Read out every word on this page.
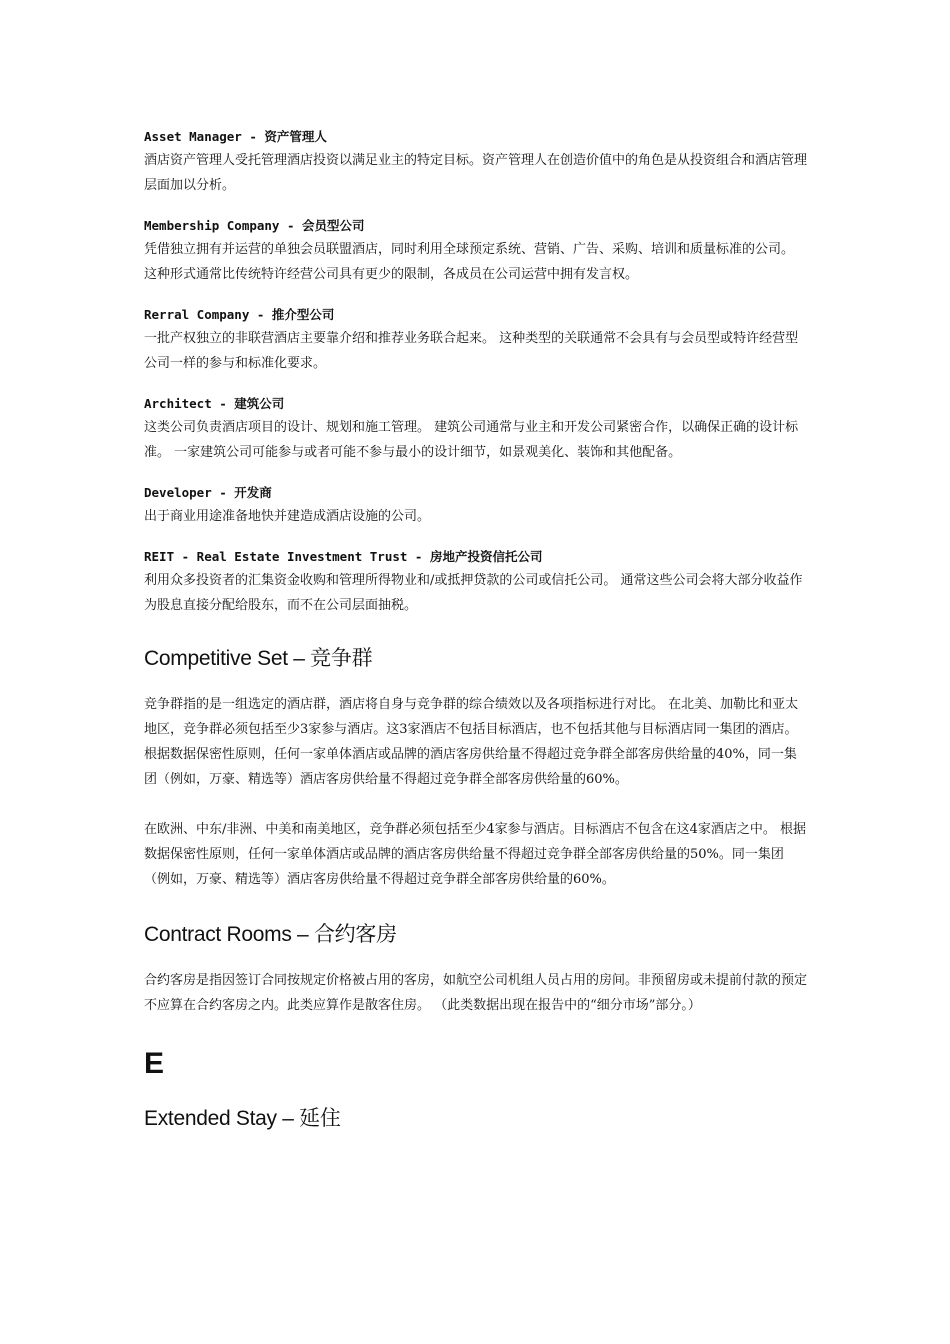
Asset Manager - 资产管理人

酒店资产管理人受托管理酒店投资以满足业主的特定目标。资产管理人在创造价值中的角色是从投资组合和酒店管理层面加以分析。

Membership Company - 会员型公司

凭借独立拥有并运营的单独会员联盟酒店，同时利用全球预定系统、营销、广告、采购、培训和质量标准的公司。 这种形式通常比传统特许经营公司具有更少的限制，各成员在公司运营中拥有发言权。

Rerral Company - 推介型公司

一批产权独立的非联营酒店主要靠介绍和推荐业务联合起来。 这种类型的关联通常不会具有与会员型或特许经营型公司一样的参与和标准化要求。

Architect - 建筑公司

这类公司负责酒店项目的设计、规划和施工管理。 建筑公司通常与业主和开发公司紧密合作，以确保正确的设计标准。 一家建筑公司可能参与或者可能不参与最小的设计细节，如景观美化、装饰和其他配备。

Developer - 开发商

出于商业用途准备地快并建造成酒店设施的公司。

REIT - Real Estate Investment Trust - 房地产投资信托公司

利用众多投资者的汇集资金收购和管理所得物业和/或抵押贷款的公司或信托公司。 通常这些公司会将大部分收益作为股息直接分配给股东，而不在公司层面抽税。

Competitive Set – 竞争群

竞争群指的是一组选定的酒店群，酒店将自身与竞争群的综合绩效以及各项指标进行对比。 在北美、加勒比和亚太地区，竞争群必须包括至少3家参与酒店。这3家酒店不包括目标酒店，也不包括其他与目标酒店同一集团的酒店。根据数据保密性原则，任何一家单体酒店或品牌的酒店客房供给量不得超过竞争群全部客房供给量的40%，同一集团（例如，万豪、精选等）酒店客房供给量不得超过竞争群全部客房供给量的60%。

在欧洲、中东/非洲、中美和南美地区，竞争群必须包括至少4家参与酒店。目标酒店不包含在这4家酒店之中。 根据数据保密性原则，任何一家单体酒店或品牌的酒店客房供给量不得超过竞争群全部客房供给量的50%。同一集团（例如，万豪、精选等）酒店客房供给量不得超过竞争群全部客房供给量的60%。

Contract Rooms – 合约客房

合约客房是指因签订合同按规定价格被占用的客房，如航空公司机组人员占用的房间。非预留房或未提前付款的预定不应算在合约客房之内。此类应算作是散客住房。 （此类数据出现在报告中的“细分市场”部分。）

E
Extended Stay – 延住
